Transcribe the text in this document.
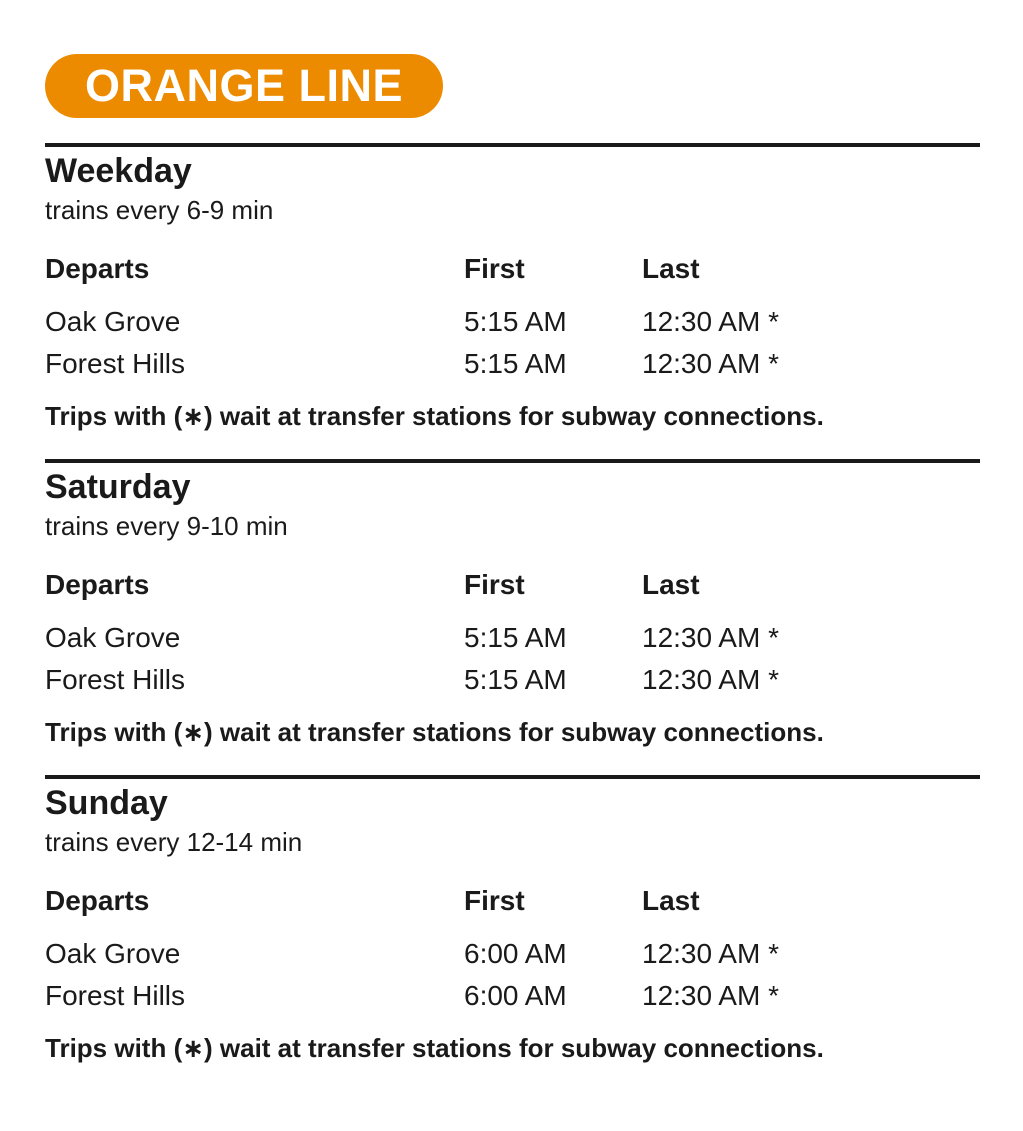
ORANGE LINE
Weekday
trains every 6-9 min
Departs	First	Last
Oak Grove	5:15 AM	12:30 AM *
Forest Hills	5:15 AM	12:30 AM *
Trips with (∗) wait at transfer stations for subway connections.
Saturday
trains every 9-10 min
Departs	First	Last
Oak Grove	5:15 AM	12:30 AM *
Forest Hills	5:15 AM	12:30 AM *
Trips with (∗) wait at transfer stations for subway connections.
Sunday
trains every 12-14 min
Departs	First	Last
Oak Grove	6:00 AM	12:30 AM *
Forest Hills	6:00 AM	12:30 AM *
Trips with (∗) wait at transfer stations for subway connections.
